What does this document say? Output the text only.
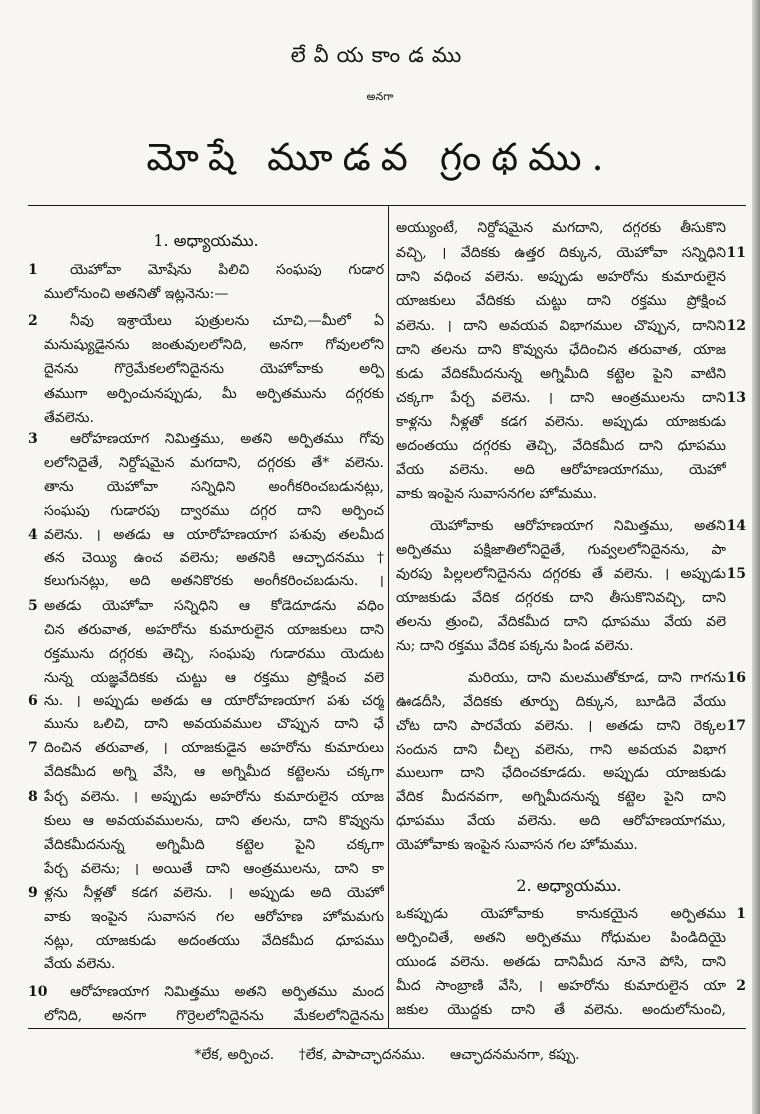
లేవీయకాండము
అనగా
మోషే మూడవ గ్రంథము.
1. అధ్యాయము.
1	యెహోవా మోషేను పిలిచి సంఘపు గుడార
ములోనుంచి అతనితో ఇట్లనెను:—
2	నీవు ఇశ్రాయేలు పుత్రులను చూచి,—మీలో ఏ
మనుష్యుడైనను జంతువులలోనిది, అనగా గోవులలోని
దైనను గొర్రెమేకలలోనిదైనను యెహోవాకు అర్పి
తముగా అర్పించునప్పుడు, మీ అర్పితమును దగ్గరకు
తేవలెను.
3	ఆరోహణయాగ నిమిత్తము, అతని అర్పితము గోవు
లలోనిదైతే, నిర్దోషమైన మగదాని, దగ్గరకు తే* వలెను.
తాను యెహోవా సన్నిధిని అంగీకరించబడునట్లు,
సంఘపు గుడారపు ద్వారము దగ్గర దాని అర్పించ
4 వలెను. । అతడు ఆ యారోహణయాగ పశువు తలమీద
తన చెయ్యి ఉంచ వలెను; అతనికి ఆచ్ఛాదనము†
కలుగునట్లు, అది అతనికొరకు అంగీకరించబడును. ।
5 అతడు యెహోవా సన్నిధిని ఆ కోడెదూడను వధిం
చిన తరువాత, అహరోను కుమారులైన యాజకులు దాని
రక్తమును దగ్గరకు తెచ్చి, సంఘపు గుడారము యెదుట
నున్న యజ్ఞవేదికకు చుట్టు ఆ రక్తము ప్రోక్షించ వలె
6 ను. । అప్పుడు అతడు ఆ యారోహణయాగ పశు చర్మ
మును ఒలిచి, దాని అవయవముల చొప్పున దాని ఛే
7 దించిన తరువాత, । యాజకుడైన అహరోను కుమారులు
వేదికమీద అగ్ని వేసి, ఆ అగ్నిమీద కట్టెలను చక్కగా
8 పేర్చ వలెను. । అప్పుడు అహరోను కుమారులైన యాజ
కులు ఆ అవయవములను, దాని తలను, దాని కొవ్వును
వేదికమీదనున్న అగ్నిమీది కట్టెల పైని చక్కగా
పేర్చ వలెను; । అయితే దాని ఆంత్రములను, దాని కా
9 ళ్లను నీళ్లతో కడగ వలెను. । అప్పుడు అది యెహో
వాకు ఇంపైన సువాసన గల ఆరోహణ హోమమగు
నట్లు, యాజకుడు అదంతయు వేదికమీద ధూపము
వేయ వలెను.
10	ఆరోహణయాగ నిమిత్తము అతని అర్పితము మంద
లోనిది, అనగా గొర్రెలలోనిదైనను మేకలలోనిదైనను
అయ్యుంటే, నిర్దోషమైన మగదాని, దగ్గరకు తీసుకొని
వచ్చి, । వేదికకు ఉత్తర దిక్కున, యెహోవా సన్నిధిని 11
దాని వధించ వలెను. అప్పుడు అహరోను కుమారులైన
యాజకులు వేదికకు చుట్టు దాని రక్తము ప్రోక్షించ
వలెను. । దాని అవయవ విభాగముల చొప్పున, దానిని 12
దాని తలను దాని కొవ్వును ఛేదించిన తరువాత, యాజ
కుడు వేదికమీదనున్న అగ్నిమీది కట్టెల పైని వాటిని
చక్కగా పేర్చ వలెను. । దాని ఆంత్రములను దాని 13
కాళ్లను నీళ్లతో కడగ వలెను. అప్పుడు యాజకుడు
అదంతయు దగ్గరకు తెచ్చి, వేదికమీద దాని ధూపము
వేయ వలెను. అది ఆరోహణయాగము, యెహో
వాకు ఇంపైన సువాసనగల హోమము.
యెహోవాకు ఆరోహణయాగ నిమిత్తము, అతని 14
అర్పితము పక్షిజాతిలోనిదైతే, గువ్వలలోనిదైనను, పా
వురపు పిల్లలలోనిదైనను దగ్గరకు తే వలెను. । అప్పుడు 15
యాజకుడు వేదిక దగ్గరకు దాని తీసుకొనివచ్చి, దాని
తలను త్రుంచి, వేదికమీద దాని ధూపము వేయ వలె
ను; దాని రక్తము వేదిక పక్కను పిండ వలెను.
మరియు, దాని మలముతోకూడ, దాని గాగను 16
ఊడదీసి, వేదికకు తూర్పు దిక్కున, బూడిదె వేయు
చోట దాని పారవేయ వలెను. । అతడు దాని రెక్కల 17
సందున దాని చీల్చ వలెను, గాని అవయవ విభాగ
ములుగా దాని ఛేదించకూడదు. అప్పుడు యాజకుడు
వేదిక మీదనవగా, అగ్నిమీదనున్న కట్టెల పైని దాని
ధూపము వేయ వలెను. అది ఆరోహణయాగము,
యెహోవాకు ఇంపైన సువాసన గల హోమము.
2. అధ్యాయము.
ఒకప్పుడు యెహోవాకు కానుకయైన అర్పితము 1
అర్పించితే, అతని అర్పితము గోధుమల పిండిదియై
యుండ వలెను. అతడు దానిమీద నూనె పోసి, దాని
మీద సాంబ్రాణి వేసి, । అహరోను కుమారులైన యా 2
జకుల యొద్దకు దాని తే వలెను. అందులోనుంచి,
*లేక, అర్పించ. †లేక, పాపాచ్ఛాదనము. ఆచ్ఛాదనమనగా, కప్పు.
